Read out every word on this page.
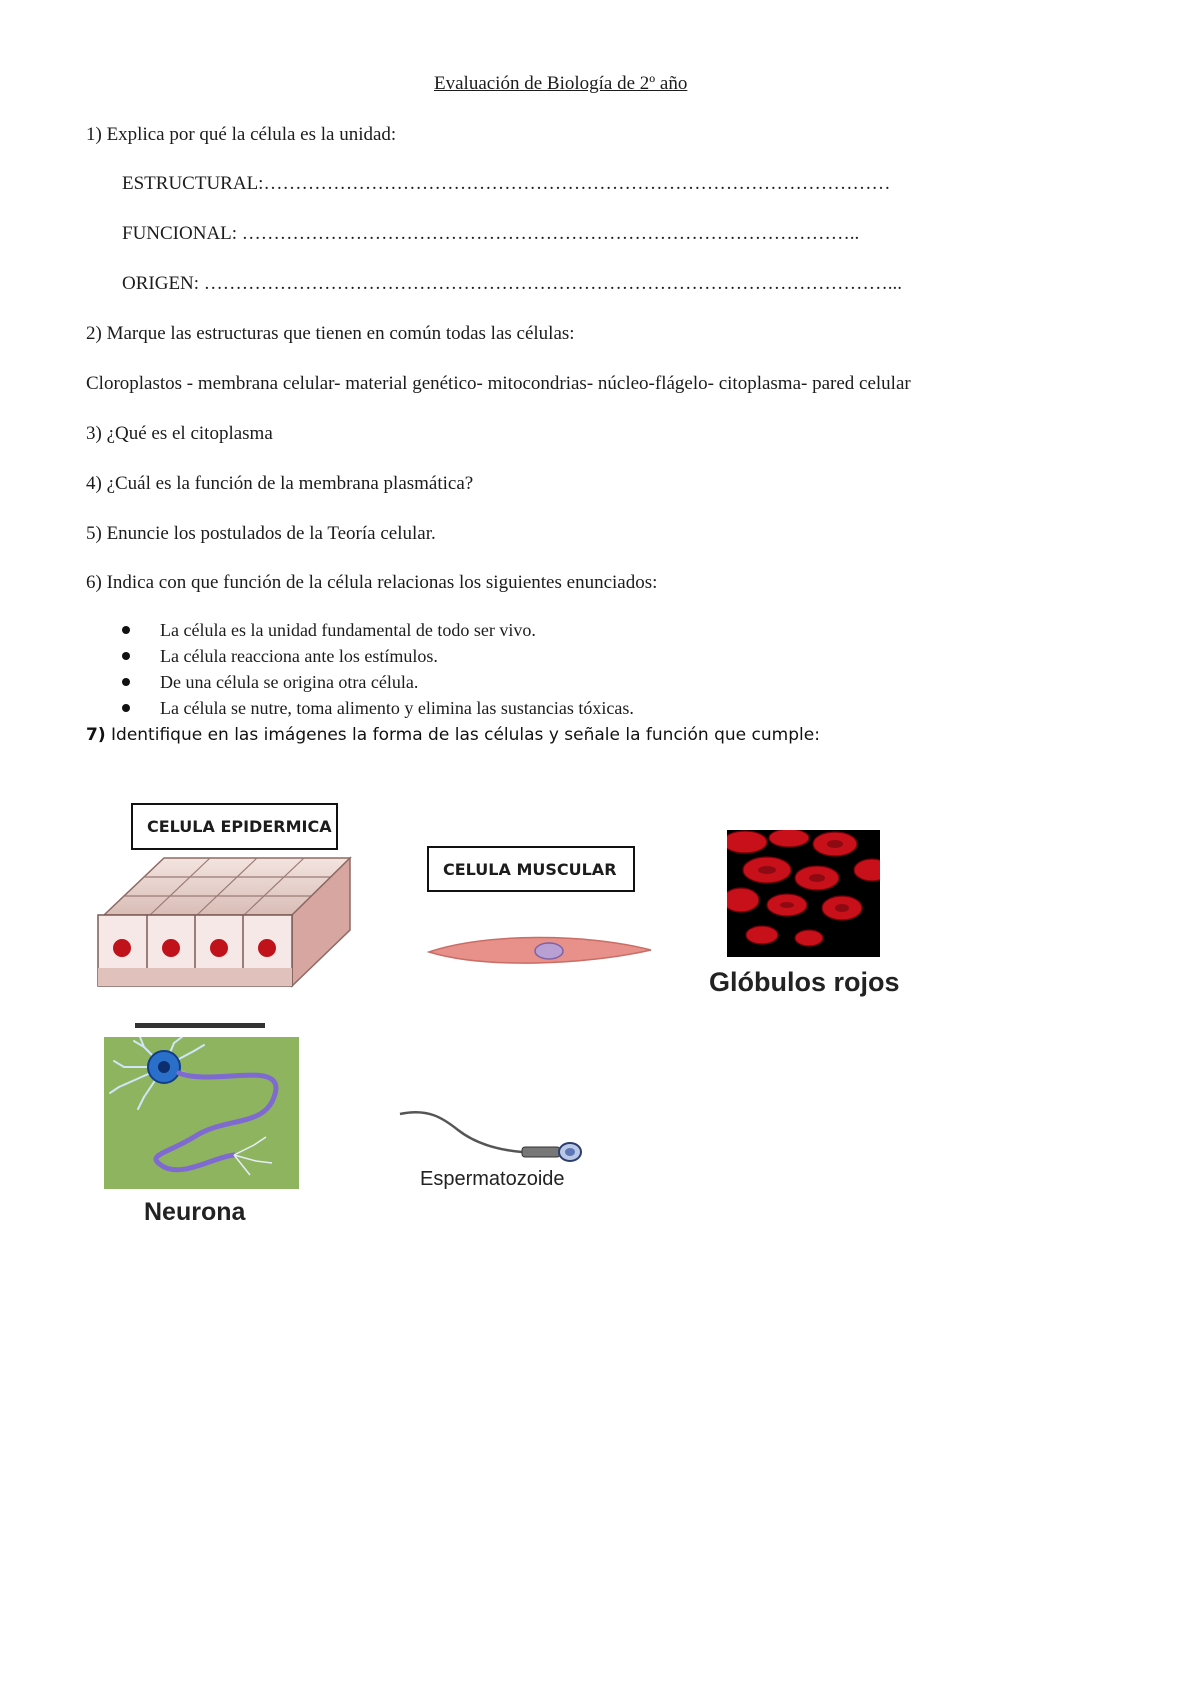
Evaluación de Biología de 2º año
1) Explica por qué la célula es la unidad:
ESTRUCTURAL:………………………………………………………………………………………
FUNCIONAL: ……………………………………………………………………………………..
ORIGEN: ………………………………………………………………………………………………...
2) Marque las estructuras que tienen en común todas las células:
Cloroplastos - membrana celular- material genético- mitocondrias- núcleo-flágelo- citoplasma- pared celular
3) ¿Qué es el citoplasma
4) ¿Cuál es la función de la membrana plasmática?
5) Enuncie los postulados de la Teoría celular.
6) Indica con que función de la célula relacionas los siguientes enunciados:
La célula es la unidad fundamental de todo ser vivo.
La célula reacciona ante los estímulos.
De una célula se origina otra célula.
La célula se nutre, toma alimento y elimina las sustancias tóxicas.
7) Identifique en las imágenes la forma de las células y señale la función que cumple:
CELULA EPIDERMICA
CELULA MUSCULAR
Glóbulos rojos
Neurona
Espermatozoide
